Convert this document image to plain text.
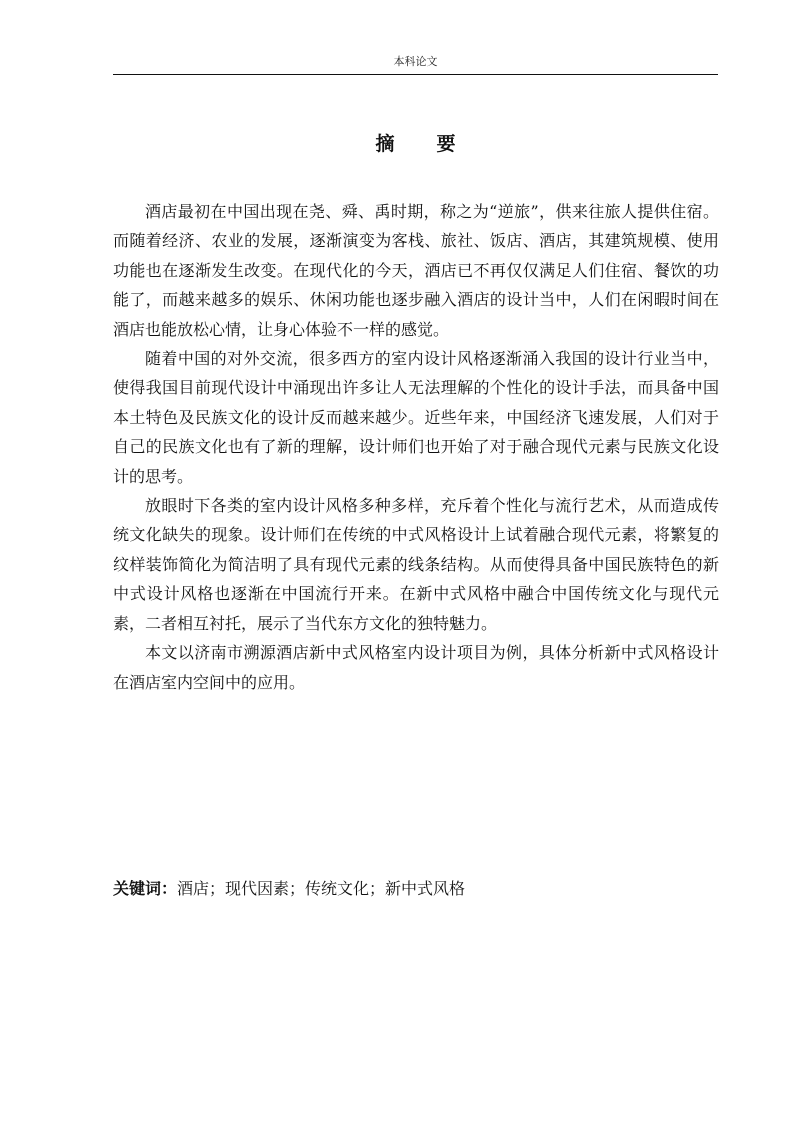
本科论文
摘要

酒店最初在中国出现在尧、舜、禹时期，称之为“逆旅”，供来往旅人提供住宿。而随着经济、农业的发展，逐渐演变为客栈、旅社、饭店、酒店，其建筑规模、使用功能也在逐渐发生改变。在现代化的今天，酒店已不再仅仅满足人们住宿、餐饮的功能了，而越来越多的娱乐、休闲功能也逐步融入酒店的设计当中，人们在闲暇时间在酒店也能放松心情，让身心体验不一样的感觉。

随着中国的对外交流，很多西方的室内设计风格逐渐涌入我国的设计行业当中，使得我国目前现代设计中涌现出许多让人无法理解的个性化的设计手法，而具备中国本土特色及民族文化的设计反而越来越少。近些年来，中国经济飞速发展，人们对于自己的民族文化也有了新的理解，设计师们也开始了对于融合现代元素与民族文化设计的思考。

放眼时下各类的室内设计风格多种多样，充斥着个性化与流行艺术，从而造成传统文化缺失的现象。设计师们在传统的中式风格设计上试着融合现代元素，将繁复的纹样装饰简化为简洁明了具有现代元素的线条结构。从而使得具备中国民族特色的新中式设计风格也逐渐在中国流行开来。在新中式风格中融合中国传统文化与现代元素，二者相互衬托，展示了当代东方文化的独特魅力。

本文以济南市溯源酒店新中式风格室内设计项目为例，具体分析新中式风格设计在酒店室内空间中的应用。

关键词：酒店；现代因素；传统文化；新中式风格
